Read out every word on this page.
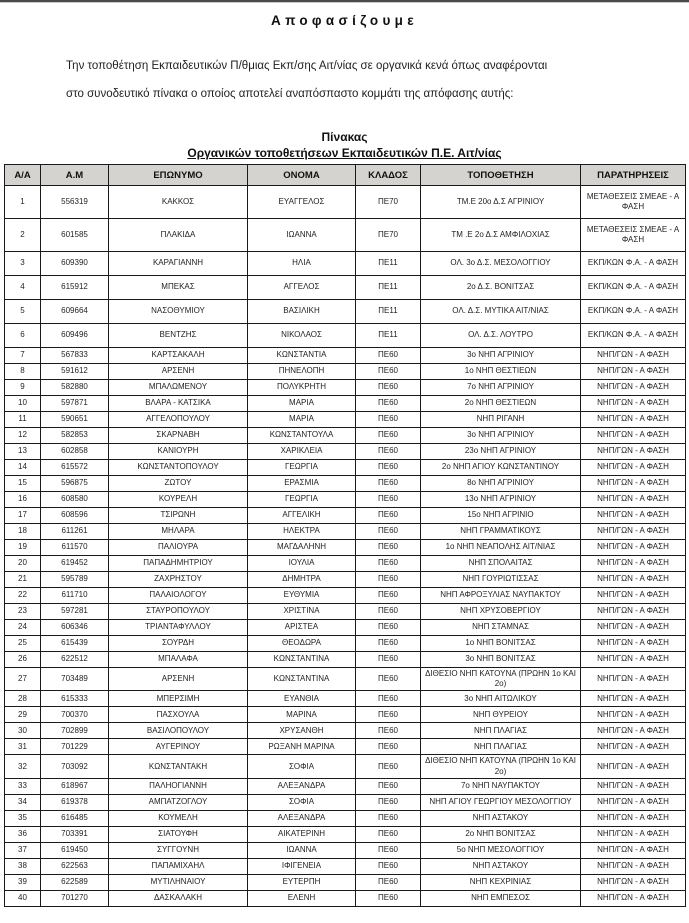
Αποφασίζουμε
Την τοποθέτηση Εκπαιδευτικών Π/θμιας Εκπ/σης Αιτ/νίας σε οργανικά κενά όπως αναφέρονται
στο συνοδευτικό πίνακα ο οποίος αποτελεί αναπόσπαστο κομμάτι της απόφασης αυτής:
Πίνακας
Οργανικών τοποθετήσεων Εκπαιδευτικών Π.Ε. Αιτ/νίας
Α/Α	Α.Μ	ΕΠΩΝΥΜΟ	ΟΝΟΜΑ	ΚΛΑΔΟΣ	ΤΟΠΟΘΕΤΗΣΗ	ΠΑΡΑΤΗΡΗΣΕΙΣ
1	556319	ΚΑΚΚΟΣ	ΕΥΑΓΓΕΛΟΣ	ΠΕ70	ΤΜ.Ε 20ο Δ.Σ ΑΓΡΙΝΙΟΥ	ΜΕΤΑΘΕΣΕΙΣ ΣΜΕΑΕ - Α ΦΑΣΗ
2	601585	ΠΛΑΚΙΔΑ	ΙΩΑΝΝΑ	ΠΕ70	ΤΜ .Ε 2ο Δ.Σ ΑΜΦΙΛΟΧΙΑΣ	ΜΕΤΑΘΕΣΕΙΣ ΣΜΕΑΕ - Α ΦΑΣΗ
3	609390	ΚΑΡΑΓΙΑΝΝΗ	ΗΛΙΑ	ΠΕ11	ΟΛ. 3ο Δ.Σ. ΜΕΣΟΛΟΓΓΙΟΥ	ΕΚΠ/ΚΩΝ Φ.Α. - Α ΦΑΣΗ
4	615912	ΜΠΕΚΑΣ	ΑΓΓΕΛΟΣ	ΠΕ11	2ο Δ.Σ. ΒΟΝΙΤΣΑΣ	ΕΚΠ/ΚΩΝ Φ.Α. - Α ΦΑΣΗ
5	609664	ΝΑΣΟΘΥΜΙΟΥ	ΒΑΣΙΛΙΚΗ	ΠΕ11	ΟΛ. Δ.Σ. ΜΥΤΙΚΑ ΑΙΤ/ΝΙΑΣ	ΕΚΠ/ΚΩΝ Φ.Α. - Α ΦΑΣΗ
6	609496	ΒΕΝΤΖΗΣ	ΝΙΚΟΛΑΟΣ	ΠΕ11	ΟΛ. Δ.Σ. ΛΟΥΤΡΟ	ΕΚΠ/ΚΩΝ Φ.Α. - Α ΦΑΣΗ
7	567833	ΚΑΡΤΣΑΚΑΛΗ	ΚΩΝΣΤΑΝΤΙΑ	ΠΕ60	3ο ΝΗΠ ΑΓΡΙΝΙΟΥ	ΝΗΠ/ΓΩΝ - Α ΦΑΣΗ
8	591612	ΑΡΣΕΝΗ	ΠΗΝΕΛΟΠΗ	ΠΕ60	1ο ΝΗΠ ΘΕΣΤΙΕΩΝ	ΝΗΠ/ΓΩΝ - Α ΦΑΣΗ
9	582880	ΜΠΑΛΩΜΕΝΟΥ	ΠΟΛΥΚΡΗΤΗ	ΠΕ60	7ο ΝΗΠ ΑΓΡΙΝΙΟΥ	ΝΗΠ/ΓΩΝ - Α ΦΑΣΗ
10	597871	ΒΛΑΡΑ - ΚΑΤΣΙΚΑ	ΜΑΡΙΑ	ΠΕ60	2ο ΝΗΠ ΘΕΣΤΙΕΩΝ	ΝΗΠ/ΓΩΝ - Α ΦΑΣΗ
11	590651	ΑΓΓΕΛΟΠΟΥΛΟΥ	ΜΑΡΙΑ	ΠΕ60	ΝΗΠ ΡΙΓΑΝΗ	ΝΗΠ/ΓΩΝ - Α ΦΑΣΗ
12	582853	ΣΚΑΡΝΑΒΗ	ΚΩΝΣΤΑΝΤΟΥΛΑ	ΠΕ60	3ο ΝΗΠ ΑΓΡΙΝΙΟΥ	ΝΗΠ/ΓΩΝ - Α ΦΑΣΗ
13	602858	ΚΑΝΙΟΥΡΗ	ΧΑΡΙΚΛΕΙΑ	ΠΕ60	23ο ΝΗΠ ΑΓΡΙΝΙΟΥ	ΝΗΠ/ΓΩΝ - Α ΦΑΣΗ
14	615572	ΚΩΝΣΤΑΝΤΟΠΟΥΛΟΥ	ΓΕΩΡΓΙΑ	ΠΕ60	2ο ΝΗΠ ΑΓΙΟΥ ΚΩΝΣΤΑΝΤΙΝΟΥ	ΝΗΠ/ΓΩΝ - Α ΦΑΣΗ
15	596875	ΖΩΤΟΥ	ΕΡΑΣΜΙΑ	ΠΕ60	8ο ΝΗΠ ΑΓΡΙΝΙΟΥ	ΝΗΠ/ΓΩΝ - Α ΦΑΣΗ
16	608580	ΚΟΥΡΕΛΗ	ΓΕΩΡΓΙΑ	ΠΕ60	13ο ΝΗΠ ΑΓΡΙΝΙΟΥ	ΝΗΠ/ΓΩΝ - Α ΦΑΣΗ
17	608596	ΤΣΙΡΩΝΗ	ΑΓΓΕΛΙΚΗ	ΠΕ60	15ο ΝΗΠ ΑΓΡΙΝΙΟ	ΝΗΠ/ΓΩΝ - Α ΦΑΣΗ
18	611261	ΜΗΛΑΡΑ	ΗΛΕΚΤΡΑ	ΠΕ60	ΝΗΠ ΓΡΑΜΜΑΤΙΚΟΥΣ	ΝΗΠ/ΓΩΝ - Α ΦΑΣΗ
19	611570	ΠΑΛΙΟΥΡΑ	ΜΑΓΔΑΛΗΝΗ	ΠΕ60	1ο ΝΗΠ ΝΕΑΠΟΛΗΣ ΑΙΤ/ΝΙΑΣ	ΝΗΠ/ΓΩΝ - Α ΦΑΣΗ
20	619452	ΠΑΠΑΔΗΜΗΤΡΙΟΥ	ΙΟΥΛΙΑ	ΠΕ60	ΝΗΠ ΣΠΟΛΑΙΤΑΣ	ΝΗΠ/ΓΩΝ - Α ΦΑΣΗ
21	595789	ΖΑΧΡΗΣΤΟΥ	ΔΗΜΗΤΡΑ	ΠΕ60	ΝΗΠ ΓΟΥΡΙΩΤΙΣΣΑΣ	ΝΗΠ/ΓΩΝ - Α ΦΑΣΗ
22	611710	ΠΑΛΑΙΟΛΟΓΟΥ	ΕΥΘΥΜΙΑ	ΠΕ60	ΝΗΠ ΑΦΡΟΞΥΛΙΑΣ ΝΑΥΠΑΚΤΟΥ	ΝΗΠ/ΓΩΝ - Α ΦΑΣΗ
23	597281	ΣΤΑΥΡΟΠΟΥΛΟΥ	ΧΡΙΣΤΙΝΑ	ΠΕ60	ΝΗΠ ΧΡΥΣΟΒΕΡΓΙΟΥ	ΝΗΠ/ΓΩΝ - Α ΦΑΣΗ
24	606346	ΤΡΙΑΝΤΑΦΥΛΛΟΥ	ΑΡΙΣΤΕΑ	ΠΕ60	ΝΗΠ ΣΤΑΜΝΑΣ	ΝΗΠ/ΓΩΝ - Α ΦΑΣΗ
25	615439	ΣΟΥΡΔΗ	ΘΕΟΔΩΡΑ	ΠΕ60	1ο ΝΗΠ ΒΟΝΙΤΣΑΣ	ΝΗΠ/ΓΩΝ - Α ΦΑΣΗ
26	622512	ΜΠΑΛΑΦΑ	ΚΩΝΣΤΑΝΤΙΝΑ	ΠΕ60	3ο ΝΗΠ ΒΟΝΙΤΣΑΣ	ΝΗΠ/ΓΩΝ - Α ΦΑΣΗ
27	703489	ΑΡΣΕΝΗ	ΚΩΝΣΤΑΝΤΙΝΑ	ΠΕ60	ΔΙΘΕΣΙΟ ΝΗΠ ΚΑΤΟΥΝΑ (ΠΡΩΗΝ 1ο ΚΑΙ 2ο)	ΝΗΠ/ΓΩΝ - Α ΦΑΣΗ
28	615333	ΜΠΕΡΣΙΜΗ	ΕΥΑΝΘΙΑ	ΠΕ60	3ο ΝΗΠ ΑΙΤΩΛΙΚΟΥ	ΝΗΠ/ΓΩΝ - Α ΦΑΣΗ
29	700370	ΠΑΣΧΟΥΛΑ	ΜΑΡΙΝΑ	ΠΕ60	ΝΗΠ ΘΥΡΕΙΟΥ	ΝΗΠ/ΓΩΝ - Α ΦΑΣΗ
30	702899	ΒΑΣΙΛΟΠΟΥΛΟΥ	ΧΡΥΣΑΝΘΗ	ΠΕ60	ΝΗΠ ΠΛΑΓΙΑΣ	ΝΗΠ/ΓΩΝ - Α ΦΑΣΗ
31	701229	ΑΥΓΕΡΙΝΟΥ	ΡΩΞΑΝΗ ΜΑΡΙΝΑ	ΠΕ60	ΝΗΠ ΠΛΑΓΙΑΣ	ΝΗΠ/ΓΩΝ - Α ΦΑΣΗ
32	703092	ΚΩΝΣΤΑΝΤΑΚΗ	ΣΟΦΙΑ	ΠΕ60	ΔΙΘΕΣΙΟ ΝΗΠ ΚΑΤΟΥΝΑ (ΠΡΩΗΝ 1ο ΚΑΙ 2ο)	ΝΗΠ/ΓΩΝ - Α ΦΑΣΗ
33	618967	ΠΑΛΗΟΓΙΑΝΝΗ	ΑΛΕΞΑΝΔΡΑ	ΠΕ60	7ο ΝΗΠ ΝΑΥΠΑΚΤΟΥ	ΝΗΠ/ΓΩΝ - Α ΦΑΣΗ
34	619378	ΑΜΠΑΤΖΟΓΛΟΥ	ΣΟΦΙΑ	ΠΕ60	ΝΗΠ ΑΓΙΟΥ ΓΕΩΡΓΙΟΥ ΜΕΣΟΛΟΓΓΙΟΥ	ΝΗΠ/ΓΩΝ - Α ΦΑΣΗ
35	616485	ΚΟΥΜΕΛΗ	ΑΛΕΞΑΝΔΡΑ	ΠΕ60	ΝΗΠ ΑΣΤΑΚΟΥ	ΝΗΠ/ΓΩΝ - Α ΦΑΣΗ
36	703391	ΣΙΑΤΟΥΦΗ	ΑΙΚΑΤΕΡΙΝΗ	ΠΕ60	2ο ΝΗΠ ΒΟΝΙΤΣΑΣ	ΝΗΠ/ΓΩΝ - Α ΦΑΣΗ
37	619450	ΣΥΓΓΟΥΝΗ	ΙΩΑΝΝΑ	ΠΕ60	5ο ΝΗΠ ΜΕΣΟΛΟΓΓΙΟΥ	ΝΗΠ/ΓΩΝ - Α ΦΑΣΗ
38	622563	ΠΑΠΑΜΙΧΑΗΛ	ΙΦΙΓΕΝΕΙΑ	ΠΕ60	ΝΗΠ ΑΣΤΑΚΟΥ	ΝΗΠ/ΓΩΝ - Α ΦΑΣΗ
39	622589	ΜΥΤΙΛΗΝΑΙΟΥ	ΕΥΤΕΡΠΗ	ΠΕ60	ΝΗΠ ΚΕΧΡΙΝΙΑΣ	ΝΗΠ/ΓΩΝ - Α ΦΑΣΗ
40	701270	ΔΑΣΚΑΛΑΚΗ	ΕΛΕΝΗ	ΠΕ60	ΝΗΠ ΕΜΠΕΣΟΣ	ΝΗΠ/ΓΩΝ - Α ΦΑΣΗ
